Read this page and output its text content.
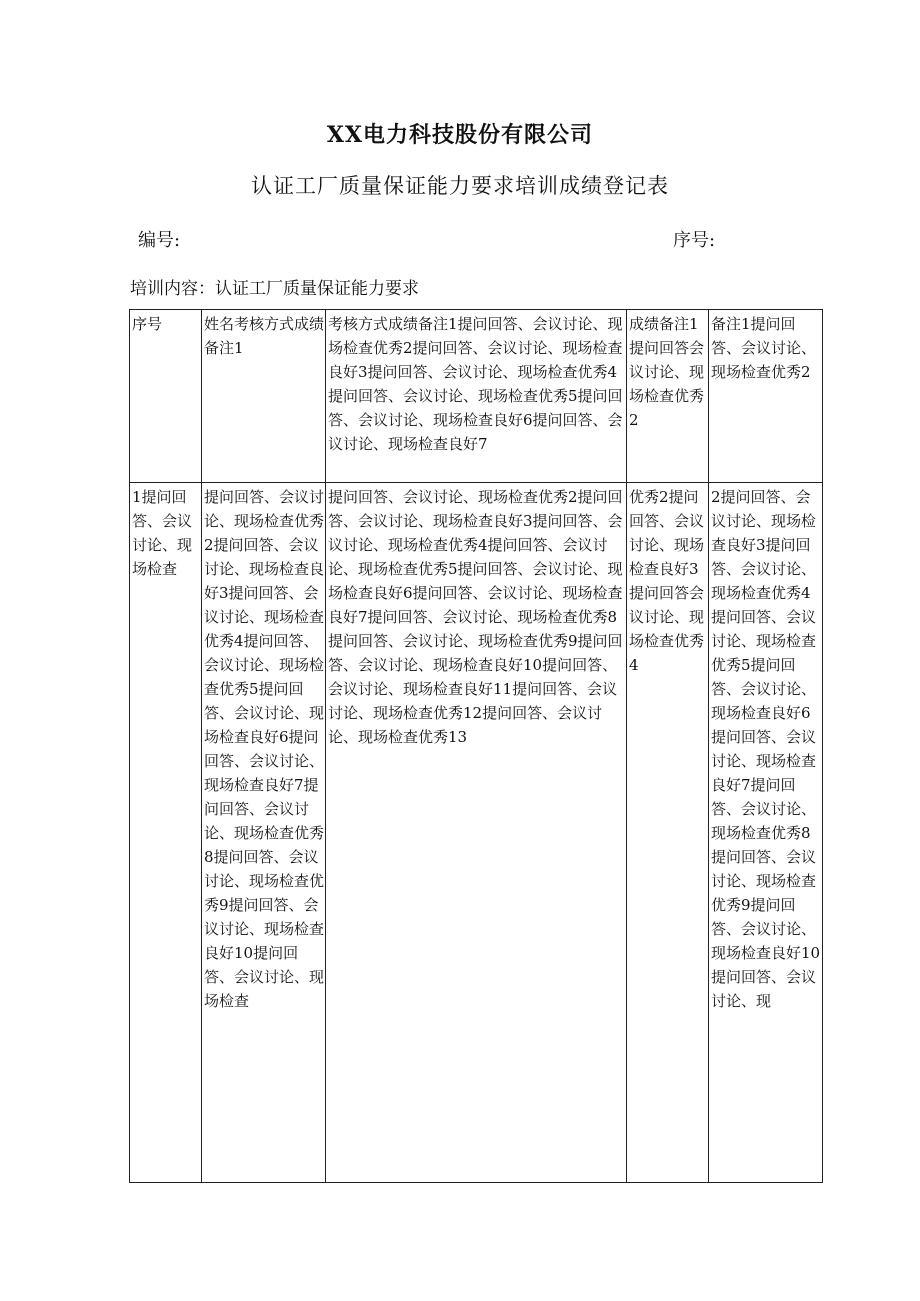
XX电力科技股份有限公司
认证工厂质量保证能力要求培训成绩登记表
编号:	序号:
培训内容：认证工厂质量保证能力要求
序号	姓名考核方式成绩备注1	考核方式成绩备注1提问回答、会议讨论、现场检查优秀2提问回答、会议讨论、现场检查良好3提问回答、会议讨论、现场检查优秀4提问回答、会议讨论、现场检查优秀5提问回答、会议讨论、现场检查良好6提问回答、会议讨论、现场检查良好7	成绩备注1提问回答会议讨论、现场检查优秀2	备注1提问回答、会议讨论、现场检查优秀2
1提问回答、会议讨论、现场检查	提问回答、会议讨论、现场检查优秀2提问回答、会议讨论、现场检查良好3提问回答、会议讨论、现场检查优秀4提问回答、会议讨论、现场检查优秀5提问回答、会议讨论、现场检查良好6提问回答、会议讨论、现场检查良好7提问回答、会议讨论、现场检查优秀8提问回答、会议讨论、现场检查优秀9提问回答、会议讨论、现场检查良好10提问回答、会议讨论、现场检查	提问回答、会议讨论、现场检查优秀2提问回答、会议讨论、现场检查良好3提问回答、会议讨论、现场检查优秀4提问回答、会议讨论、现场检查优秀5提问回答、会议讨论、现场检查良好6提问回答、会议讨论、现场检查良好7提问回答、会议讨论、现场检查优秀8提问回答、会议讨论、现场检查优秀9提问回答、会议讨论、现场检查良好10提问回答、会议讨论、现场检查良好11提问回答、会议讨论、现场检查优秀12提问回答、会议讨论、现场检查优秀13	优秀2提问回答、会议讨论、现场检查良好3提问回答会议讨论、现场检查优秀4	2提问回答、会议讨论、现场检查良好3提问回答、会议讨论、现场检查优秀4提问回答、会议讨论、现场检查优秀5提问回答、会议讨论、现场检查良好6提问回答、会议讨论、现场检查良好7提问回答、会议讨论、现场检查优秀8提问回答、会议讨论、现场检查优秀9提问回答、会议讨论、现场检查良好10提问回答、会议讨论、现
